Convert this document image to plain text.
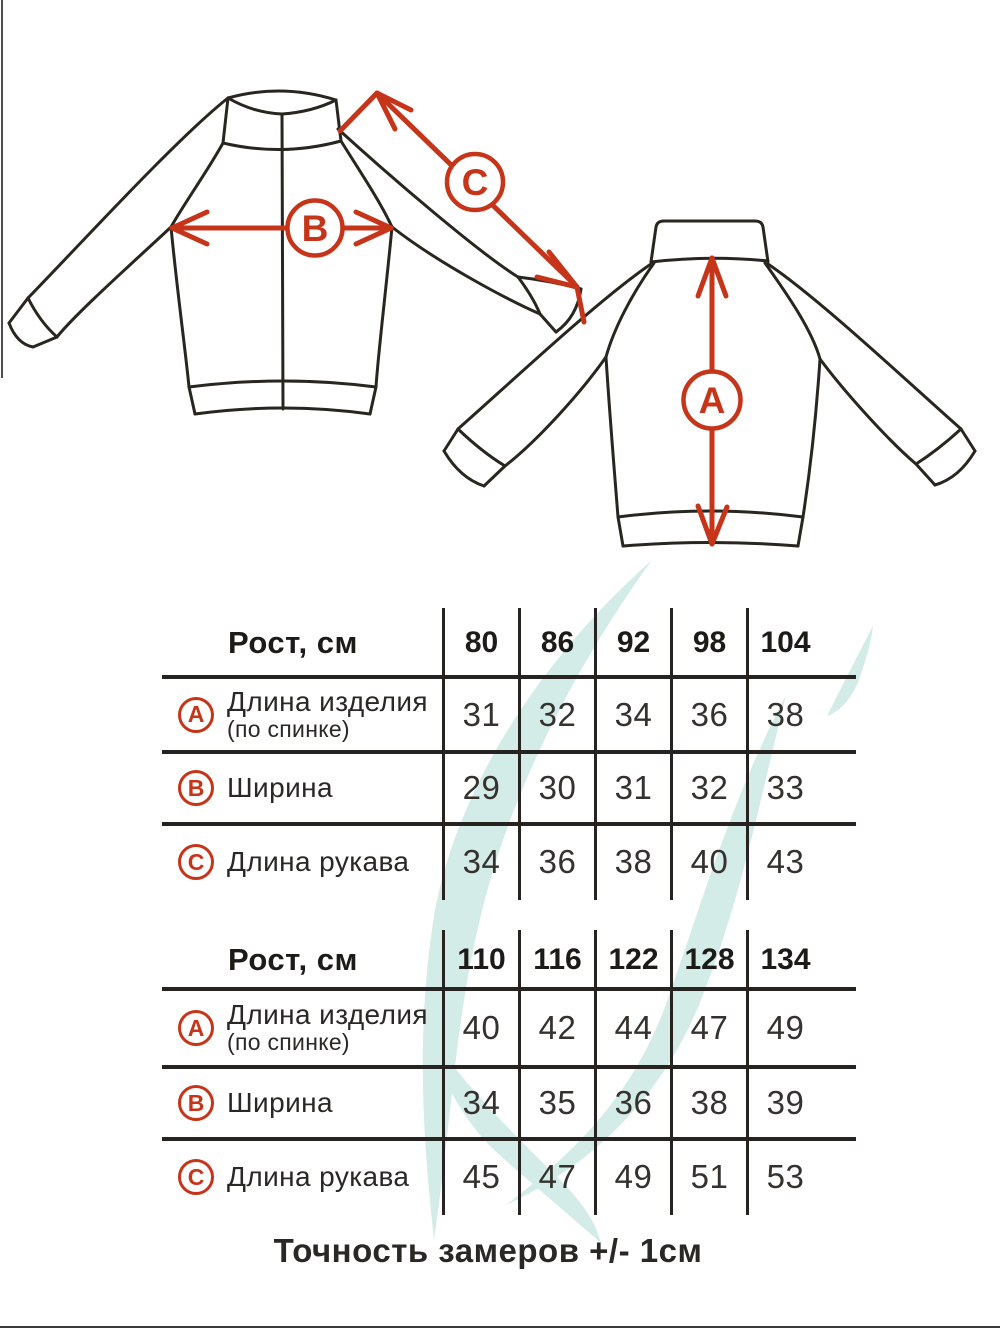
B
C
A
Рост, см	80	86	92	98	104
A Длина изделия
(по спинке)	31	32	34	36	38
B Ширина	29	30	31	32	33
C Длина рукава	34	36	38	40	43
Рост, см	110 116 122 128 134
A Длина изделия
(по спинке)	40	42	44	47	49
B Ширина	34	35	36	38	39
C Длина рукава	45	47	49	51	53
Точность замеров +/- 1см
